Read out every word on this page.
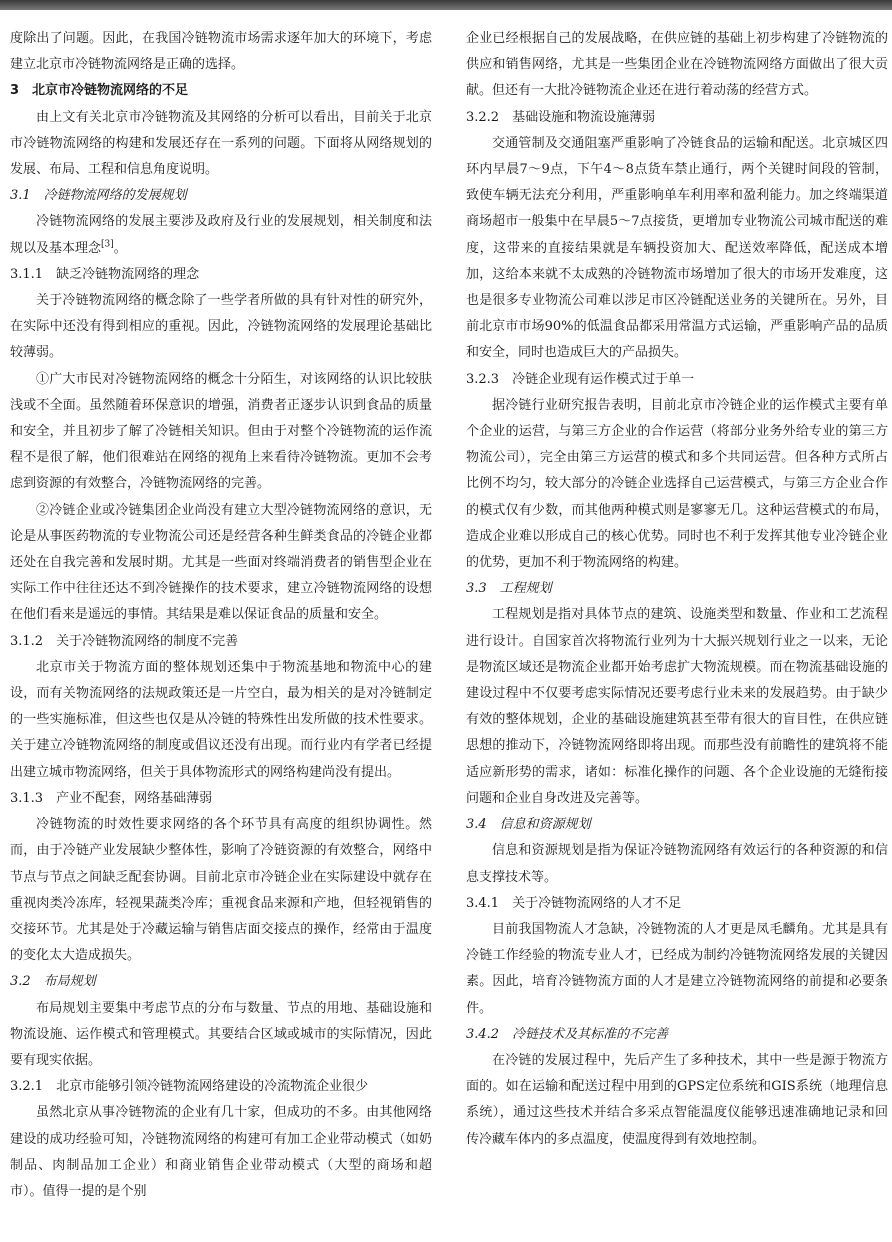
度除出了问题。因此，在我国冷链物流市场需求逐年加大的环境下，考虑建立北京市冷链物流网络是正确的选择。

3　北京市冷链物流网络的不足

由上文有关北京市冷链物流及其网络的分析可以看出，目前关于北京市冷链物流网络的构建和发展还存在一系列的问题。下面将从网络规划的发展、布局、工程和信息角度说明。

3.1　冷链物流网络的发展规划

冷链物流网络的发展主要涉及政府及行业的发展规划，相关制度和法规以及基本理念[3]。

3.1.1　缺乏冷链物流网络的理念

关于冷链物流网络的概念除了一些学者所做的具有针对性的研究外，在实际中还没有得到相应的重视。因此，冷链物流网络的发展理论基础比较薄弱。

①广大市民对冷链物流网络的概念十分陌生，对该网络的认识比较肤浅或不全面。虽然随着环保意识的增强，消费者正逐步认识到食品的质量和安全，并且初步了解了冷链相关知识。但由于对整个冷链物流的运作流程不是很了解，他们很难站在网络的视角上来看待冷链物流。更加不会考虑到资源的有效整合，冷链物流网络的完善。

②冷链企业或冷链集团企业尚没有建立大型冷链物流网络的意识，无论是从事医药物流的专业物流公司还是经营各种生鲜类食品的冷链企业都还处在自我完善和发展时期。尤其是一些面对终端消费者的销售型企业在实际工作中往往还达不到冷链操作的技术要求，建立冷链物流网络的设想在他们看来是遥远的事情。其结果是难以保证食品的质量和安全。

3.1.2　关于冷链物流网络的制度不完善

北京市关于物流方面的整体规划还集中于物流基地和物流中心的建设，而有关物流网络的法规政策还是一片空白，最为相关的是对冷链制定的一些实施标准，但这些也仅是从冷链的特殊性出发所做的技术性要求。关于建立冷链物流网络的制度或倡议还没有出现。而行业内有学者已经提出建立城市物流网络，但关于具体物流形式的网络构建尚没有提出。

3.1.3　产业不配套，网络基础薄弱

冷链物流的时效性要求网络的各个环节具有高度的组织协调性。然而，由于冷链产业发展缺少整体性，影响了冷链资源的有效整合，网络中节点与节点之间缺乏配套协调。目前北京市冷链企业在实际建设中就存在重视肉类冷冻库，轻视果蔬类冷库；重视食品来源和产地，但轻视销售的交接环节。尤其是处于冷藏运输与销售店面交接点的操作，经常由于温度的变化太大造成损失。

3.2　布局规划

布局规划主要集中考虑节点的分布与数量、节点的用地、基础设施和物流设施、运作模式和管理模式。其要结合区域或城市的实际情况，因此要有现实依据。

3.2.1　北京市能够引领冷链物流网络建设的冷流物流企业很少

虽然北京从事冷链物流的企业有几十家，但成功的不多。由其他网络建设的成功经验可知，冷链物流网络的构建可有加工企业带动模式（如奶制品、肉制品加工企业）和商业销售企业带动模式（大型的商场和超市）。值得一提的是个别

企业已经根据自己的发展战略，在供应链的基础上初步构建了冷链物流的供应和销售网络，尤其是一些集团企业在冷链物流网络方面做出了很大贡献。但还有一大批冷链物流企业还在进行着动荡的经营方式。

3.2.2　基础设施和物流设施薄弱

交通管制及交通阻塞严重影响了冷链食品的运输和配送。北京城区四环内早晨7～9点，下午4～8点货车禁止通行，两个关键时间段的管制，致使车辆无法充分利用，严重影响单车利用率和盈利能力。加之终端渠道商场超市一般集中在早晨5～7点接货，更增加专业物流公司城市配送的难度，这带来的直接结果就是车辆投资加大、配送效率降低，配送成本增加，这给本来就不太成熟的冷链物流市场增加了很大的市场开发难度，这也是很多专业物流公司难以涉足市区冷链配送业务的关键所在。另外，目前北京市市场90%的低温食品都采用常温方式运输，严重影响产品的品质和安全，同时也造成巨大的产品损失。

3.2.3　冷链企业现有运作模式过于单一

据冷链行业研究报告表明，目前北京市冷链企业的运作模式主要有单个企业的运营，与第三方企业的合作运营（将部分业务外给专业的第三方物流公司），完全由第三方运营的模式和多个共同运营。但各种方式所占比例不均匀，较大部分的冷链企业选择自己运营模式，与第三方企业合作的模式仅有少数，而其他两种模式则是寥寥无几。这种运营模式的布局，造成企业难以形成自己的核心优势。同时也不利于发挥其他专业冷链企业的优势，更加不利于物流网络的构建。

3.3　工程规划

工程规划是指对具体节点的建筑、设施类型和数量、作业和工艺流程进行设计。自国家首次将物流行业列为十大振兴规划行业之一以来，无论是物流区域还是物流企业都开始考虑扩大物流规模。而在物流基础设施的建设过程中不仅要考虑实际情况还要考虑行业未来的发展趋势。由于缺少有效的整体规划，企业的基础设施建筑甚至带有很大的盲目性，在供应链思想的推动下，冷链物流网络即将出现。而那些没有前瞻性的建筑将不能适应新形势的需求，诸如：标准化操作的问题、各个企业设施的无缝衔接问题和企业自身改进及完善等。

3.4　信息和资源规划

信息和资源规划是指为保证冷链物流网络有效运行的各种资源的和信息支撑技术等。

3.4.1　关于冷链物流网络的人才不足

目前我国物流人才急缺，冷链物流的人才更是凤毛麟角。尤其是具有冷链工作经验的物流专业人才，已经成为制约冷链物流网络发展的关键因素。因此，培育冷链物流方面的人才是建立冷链物流网络的前提和必要条件。

3.4.2　冷链技术及其标准的不完善

在冷链的发展过程中，先后产生了多种技术，其中一些是源于物流方面的。如在运输和配送过程中用到的GPS定位系统和GIS系统（地理信息系统），通过这些技术并结合多采点智能温度仪能够迅速准确地记录和回传冷藏车体内的多点温度，使温度得到有效地控制。
